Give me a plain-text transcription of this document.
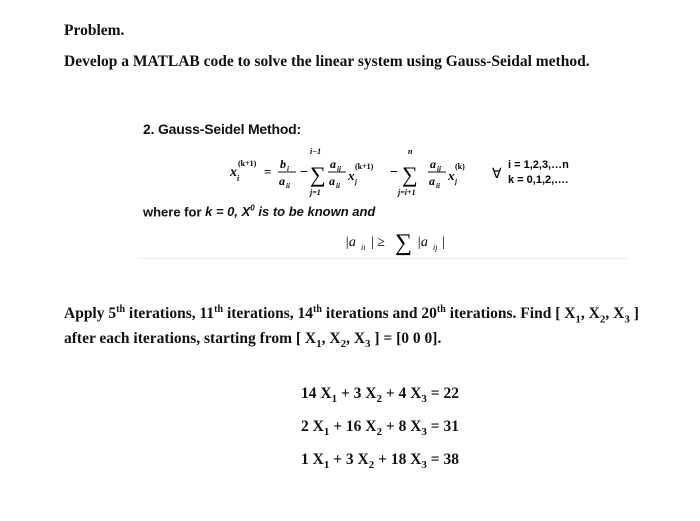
Problem.
Develop a MATLAB code to solve the linear system using Gauss-Seidal method.
2. Gauss-Seidel Method:
x
(k+1)
i = b i
a ii
−
i−1
∑
j=1
a ij
a ii
x j
(k+1) −
n
∑
j=i+1
a ij
a ii
x j
(k)
∀
i = 1,2,3,…n
k = 0,1,2,….
where for k = 0, $X^0$ is to be known and
|a ii | ≥ ∑ |a ij |
Apply 5th iterations, 11th iterations, 14th iterations and 20th iterations. Find [ $X_1$, $X_2$, $X_3$ ]
after each iterations, starting from [ $X_1$, $X_2$, $X_3$ ] = [0 0 0].
14 $X_1 + 3$ $X_2 + 4$ $X_3 = 22$
2 $X_1 + 16$ $X_2 + 8$ $X_3 = 31$
1 $X_1 + 3$ $X_2 + 18$ $X_3 = 38$
